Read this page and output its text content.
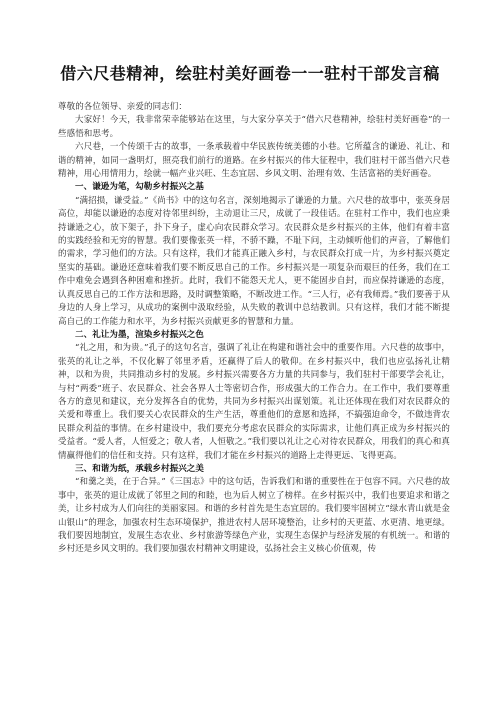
借六尺巷精神，绘驻村美好画卷一一驻村干部发言稿

尊敬的各位领导、亲爱的同志们：

大家好！今天，我非常荣幸能够站在这里，与大家分享关于“借六尺巷精神，绘驻村美好画卷”的一些感悟和思考。

六尺巷，一个传颂千古的故事，一条承载着中华民族传统美德的小巷。它所蕴含的谦逊、礼让、和谐的精神，如同一盏明灯，照亮我们前行的道路。在乡村振兴的伟大征程中，我们驻村干部当借六尺巷精神，用心用情用力，绘就一幅产业兴旺、生态宜居、乡风文明、治理有效、生活富裕的美好画卷。

一、谦逊为笔，勾勒乡村振兴之基

“满招损，谦受益。”《尚书》中的这句名言，深刻地揭示了谦逊的力量。六尺巷的故事中，张英身居高位，却能以谦逊的态度对待邻里纠纷，主动退让三尺，成就了一段佳话。在驻村工作中，我们也应秉持谦逊之心，放下架子，扑下身子，虚心向农民群众学习。农民群众是乡村振兴的主体，他们有着丰富的实践经验和无穷的智慧。我们要像张英一样，不骄不躁，不耻下问，主动倾听他们的声音，了解他们的需求，学习他们的方法。只有这样，我们才能真正融入乡村，与农民群众打成一片，为乡村振兴奠定坚实的基础。谦逊还意味着我们要不断反思自己的工作。乡村振兴是一项复杂而艰巨的任务，我们在工作中难免会遇到各种困难和挫折。此时，我们不能怨天尤人，更不能固步自封，而应保持谦逊的态度，认真反思自己的工作方法和思路，及时调整策略，不断改进工作。“三人行，必有我师焉。”我们要善于从身边的人身上学习，从成功的案例中汲取经验，从失败的教训中总结教训。只有这样，我们才能不断提高自己的工作能力和水平，为乡村振兴贡献更多的智慧和力量。

二、礼让为墨，渲染乡村振兴之色

“礼之用，和为贵。”孔子的这句名言，强调了礼让在构建和谐社会中的重要作用。六尺巷的故事中，张英的礼让之举，不仅化解了邻里矛盾，还赢得了后人的敬仰。在乡村振兴中，我们也应弘扬礼让精神，以和为贵，共同推动乡村的发展。乡村振兴需要各方力量的共同参与，我们驻村干部要学会礼让，与村“两委”班子、农民群众、社会各界人士等密切合作，形成强大的工作合力。在工作中，我们要尊重各方的意见和建议，充分发挥各自的优势，共同为乡村振兴出谋划策。礼让还体现在我们对农民群众的关爱和尊重上。我们要关心农民群众的生产生活，尊重他们的意愿和选择，不搞强迫命令，不做违背农民群众利益的事情。在乡村建设中，我们要充分考虑农民群众的实际需求，让他们真正成为乡村振兴的受益者。“爱人者，人恒爱之；敬人者，人恒敬之。”我们要以礼让之心对待农民群众，用我们的真心和真情赢得他们的信任和支持。只有这样，我们才能在乡村振兴的道路上走得更远、飞得更高。

三、和谐为纸，承载乡村振兴之美

“和羹之美，在于合异。”《三国志》中的这句话，告诉我们和谐的重要性在于包容不同。六尺巷的故事中，张英的退让成就了邻里之间的和睦，也为后人树立了榜样。在乡村振兴中，我们也要追求和谐之美，让乡村成为人们向往的美丽家园。和谐的乡村首先是生态宜居的。我们要牢固树立“绿水青山就是金山银山”的理念，加强农村生态环境保护，推进农村人居环境整治，让乡村的天更蓝、水更清、地更绿。我们要因地制宜，发展生态农业、乡村旅游等绿色产业，实现生态保护与经济发展的有机统一。和谐的乡村还是乡风文明的。我们要加强农村精神文明建设，弘扬社会主义核心价值观，传
